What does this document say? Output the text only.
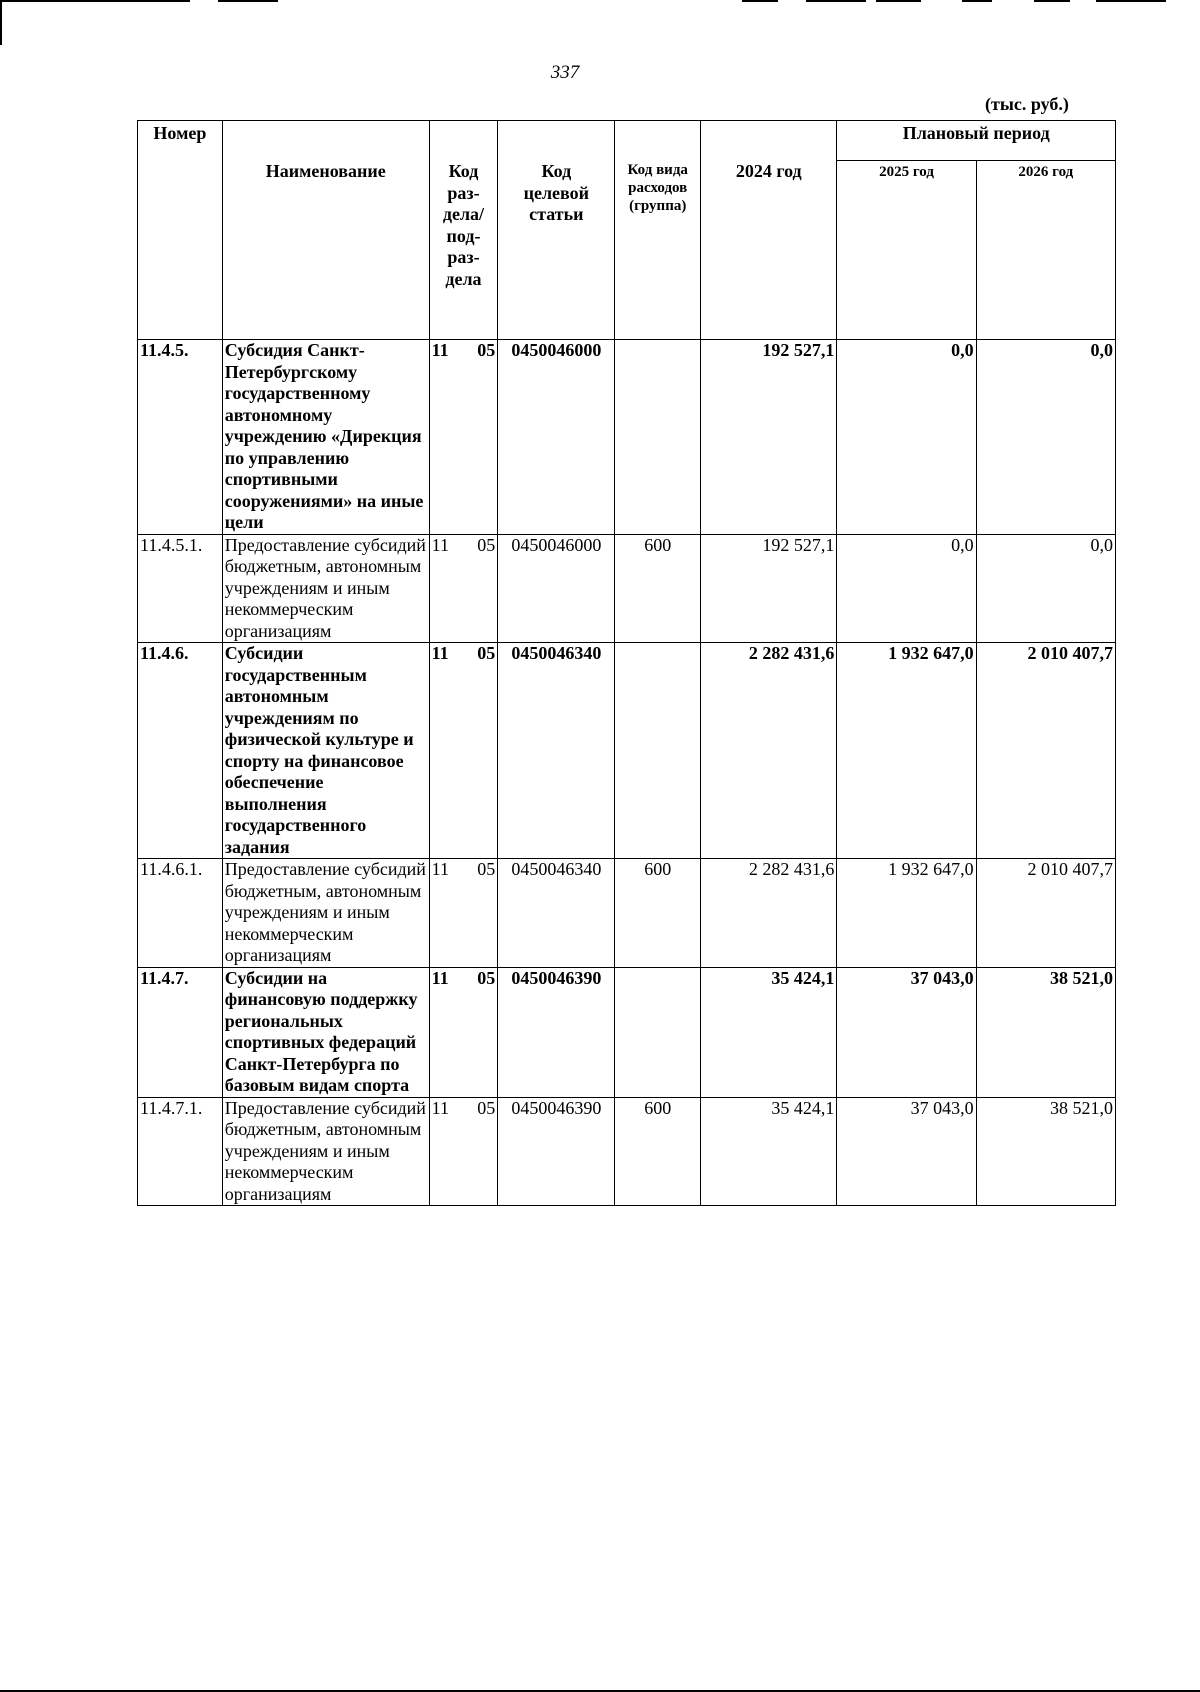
337
(тыс. руб.)
Номер	Наименование	Код раз-дела/ под-раз-дела	Код целевой статьи	Код вида расходов (группа)	2024 год	Плановый период	
						2025 год	2026 год
11.4.5.	Субсидия Санкт-Петербургскому государственному автономному учреждению «Дирекция по управлению спортивными сооружениями» на иные цели	11 05	0450046000		192 527,1	0,0	0,0
11.4.5.1.	Предоставление субсидий бюджетным, автономным учреждениям и иным некоммерческим организациям	11 05	0450046000	600	192 527,1	0,0	0,0
11.4.6.	Субсидии государственным автономным учреждениям по физической культуре и спорту на финансовое обеспечение выполнения государственного задания	11 05	0450046340		2 282 431,6	1 932 647,0	2 010 407,7
11.4.6.1.	Предоставление субсидий бюджетным, автономным учреждениям и иным некоммерческим организациям	11 05	0450046340	600	2 282 431,6	1 932 647,0	2 010 407,7
11.4.7.	Субсидии на финансовую поддержку региональных спортивных федераций Санкт-Петербурга по базовым видам спорта	11 05	0450046390		35 424,1	37 043,0	38 521,0
11.4.7.1.	Предоставление субсидий бюджетным, автономным учреждениям и иным некоммерческим организациям	11 05	0450046390	600	35 424,1	37 043,0	38 521,0
